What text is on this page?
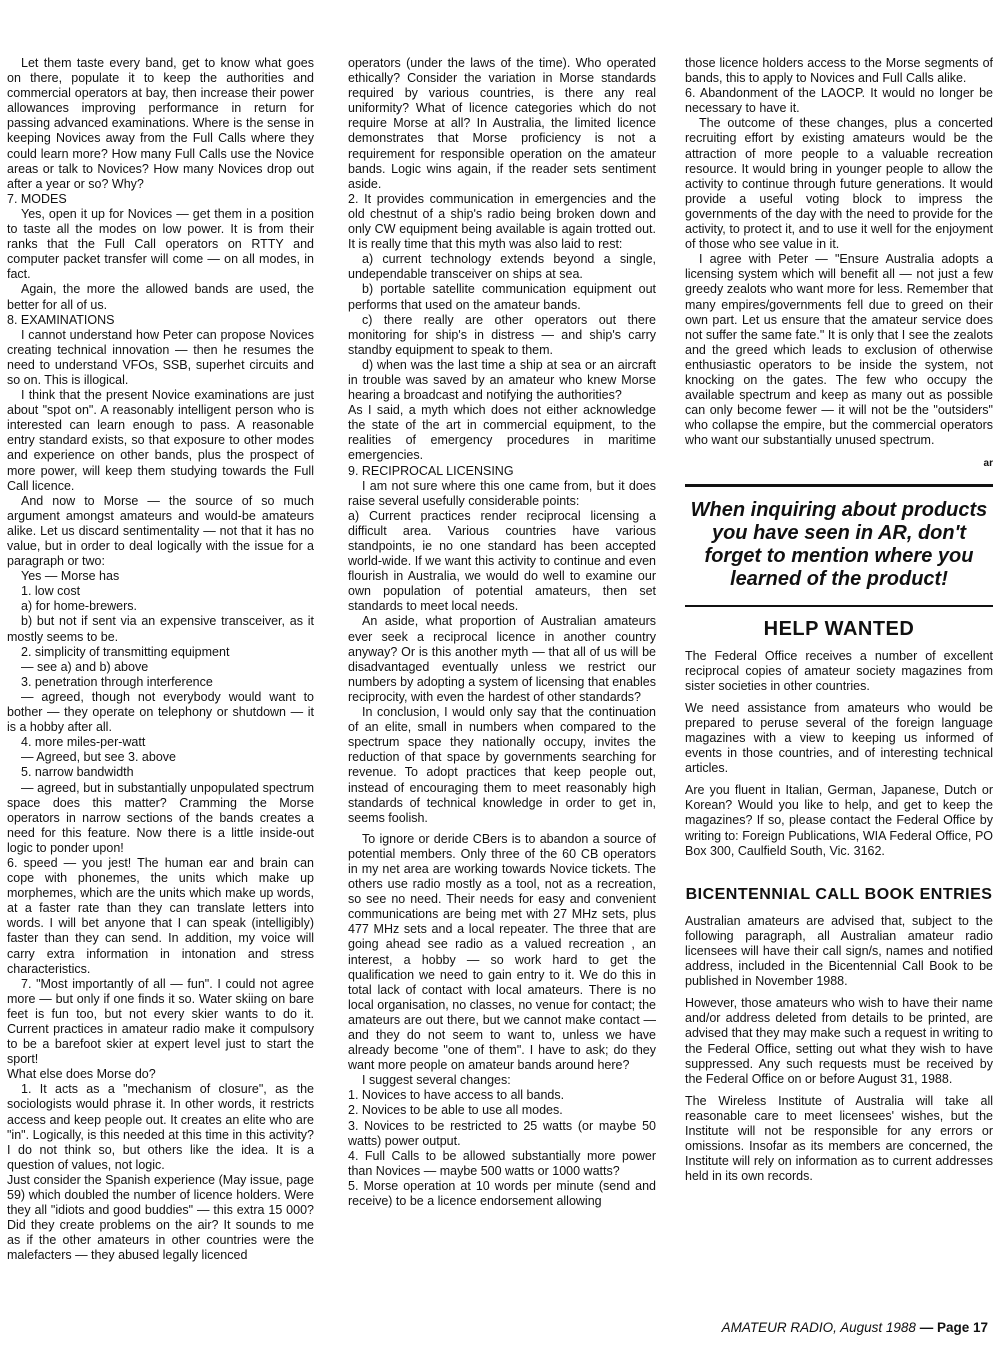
Let them taste every band, get to know what goes on there, populate it to keep the authorities and commercial operators at bay, then increase their power allowances improving performance in return for passing advanced examinations. Where is the sense in keeping Novices away from the Full Calls where they could learn more? How many Full Calls use the Novice areas or talk to Novices? How many Novices drop out after a year or so? Why?

7. MODES

Yes, open it up for Novices — get them in a position to taste all the modes on low power. It is from their ranks that the Full Call operators on RTTY and computer packet transfer will come — on all modes, in fact.

Again, the more the allowed bands are used, the better for all of us.

8. EXAMINATIONS

I cannot understand how Peter can propose Novices creating technical innovation — then he resumes the need to understand VFOs, SSB, superhet circuits and so on. This is illogical.

I think that the present Novice examinations are just about "spot on". A reasonably intelligent person who is interested can learn enough to pass. A reasonable entry standard exists, so that exposure to other modes and experience on other bands, plus the prospect of more power, will keep them studying towards the Full Call licence.

And now to Morse — the source of so much argument amongst amateurs and would-be amateurs alike. Let us discard sentimentality — not that it has no value, but in order to deal logically with the issue for a paragraph or two:

Yes — Morse has

1. low cost

a) for home-brewers.

b) but not if sent via an expensive transceiver, as it mostly seems to be.

2. simplicity of transmitting equipment

— see a) and b) above

3. penetration through interference

— agreed, though not everybody would want to bother — they operate on telephony or shutdown — it is a hobby after all.

4. more miles-per-watt

— Agreed, but see 3. above

5. narrow bandwidth

— agreed, but in substantially unpopulated spectrum space does this matter? Cramming the Morse operators in narrow sections of the bands creates a need for this feature. Now there is a little inside-out logic to ponder upon!

6. speed — you jest! The human ear and brain can cope with phonemes, the units which make up morphemes, which are the units which make up words, at a faster rate than they can translate letters into words. I will bet anyone that I can speak (intelligibly) faster than they can send. In addition, my voice will carry extra information in intonation and stress characteristics.

7. "Most importantly of all — fun". I could not agree more — but only if one finds it so. Water skiing on bare feet is fun too, but not every skier wants to do it. Current practices in amateur radio make it compulsory to be a barefoot skier at expert level just to start the sport!

What else does Morse do?

1. It acts as a "mechanism of closure", as the sociologists would phrase it. In other words, it restricts access and keep people out. It creates an elite who are "in". Logically, is this needed at this time in this activity? I do not think so, but others like the idea. It is a question of values, not logic.

Just consider the Spanish experience (May issue, page 59) which doubled the number of licence holders. Were they all "idiots and good buddies" — this extra 15 000? Did they create problems on the air? It sounds to me as if the other amateurs in other countries were the malefacters — they abused legally licenced

operators (under the laws of the time). Who operated ethically? Consider the variation in Morse standards required by various countries, is there any real uniformity? What of licence categories which do not require Morse at all? In Australia, the limited licence demonstrates that Morse proficiency is not a requirement for responsible operation on the amateur bands. Logic wins again, if the reader sets sentiment aside.

2. It provides communication in emergencies and the old chestnut of a ship's radio being broken down and only CW equipment being available is again trotted out. It is really time that this myth was also laid to rest:

a) current technology extends beyond a single, undependable transceiver on ships at sea.

b) portable satellite communication equipment out performs that used on the amateur bands.

c) there really are other operators out there monitoring for ship's in distress — and ship's carry standby equipment to speak to them.

d) when was the last time a ship at sea or an aircraft in trouble was saved by an amateur who knew Morse hearing a broadcast and notifying the authorities?

As I said, a myth which does not either acknowledge the state of the art in commercial equipment, to the realities of emergency procedures in maritime emergencies.

9. RECIPROCAL LICENSING

I am not sure where this one came from, but it does raise several usefully considerable points:

a) Current practices render reciprocal licensing a difficult area. Various countries have various standpoints, ie no one standard has been accepted world-wide. If we want this activity to continue and even flourish in Australia, we would do well to examine our own population of potential amateurs, then set standards to meet local needs.

An aside, what proportion of Australian amateurs ever seek a reciprocal licence in another country anyway? Or is this another myth — that all of us will be disadvantaged eventually unless we restrict our numbers by adopting a system of licensing that enables reciprocity, with even the hardest of other standards?

In conclusion, I would only say that the continuation of an elite, small in numbers when compared to the spectrum space they nationally occupy, invites the reduction of that space by governments searching for revenue. To adopt practices that keep people out, instead of encouraging them to meet reasonably high standards of technical knowledge in order to get in, seems foolish.

To ignore or deride CBers is to abandon a source of potential members. Only three of the 60 CB operators in my net area are working towards Novice tickets. The others use radio mostly as a tool, not as a recreation, so see no need. Their needs for easy and convenient communications are being met with 27 MHz sets, plus 477 MHz sets and a local repeater. The three that are going ahead see radio as a valued recreation , an interest, a hobby — so work hard to get the qualification we need to gain entry to it. We do this in total lack of contact with local amateurs. There is no local organisation, no classes, no venue for contact; the amateurs are out there, but we cannot make contact — and they do not seem to want to, unless we have already become "one of them". I have to ask; do they want more people on amateur bands around here?

I suggest several changes:

1. Novices to have access to all bands.

2. Novices to be able to use all modes.

3. Novices to be restricted to 25 watts (or maybe 50 watts) power output.

4. Full Calls to be allowed substantially more power than Novices — maybe 500 watts or 1000 watts?

5. Morse operation at 10 words per minute (send and receive) to be a licence endorsement allowing

those licence holders access to the Morse segments of bands, this to apply to Novices and Full Calls alike.

6. Abandonment of the LAOCP. It would no longer be necessary to have it.

The outcome of these changes, plus a concerted recruiting effort by existing amateurs would be the attraction of more people to a valuable recreation resource. It would bring in younger people to allow the activity to continue through future generations. It would provide a useful voting block to impress the governments of the day with the need to provide for the activity, to protect it, and to use it well for the enjoyment of those who see value in it.

I agree with Peter — "Ensure Australia adopts a licensing system which will benefit all — not just a few greedy zealots who want more for less. Remember that many empires/governments fell due to greed on their own part. Let us ensure that the amateur service does not suffer the same fate." It is only that I see the zealots and the greed which leads to exclusion of otherwise enthusiastic operators to be inside the system, not knocking on the gates. The few who occupy the available spectrum and keep as many out as possible can only become fewer — it will not be the "outsiders" who collapse the empire, but the commercial operators who want our substantially unused spectrum.

ar
When inquiring about products you have seen in AR, don't forget to mention where you learned of the product!
HELP WANTED

The Federal Office receives a number of excellent reciprocal copies of amateur society magazines from sister societies in other countries.

We need assistance from amateurs who would be prepared to peruse several of the foreign language magazines with a view to keeping us informed of events in those countries, and of interesting technical articles.

Are you fluent in Italian, German, Japanese, Dutch or Korean? Would you like to help, and get to keep the magazines? If so, please contact the Federal Office by writing to: Foreign Publications, WIA Federal Office, PO Box 300, Caulfield South, Vic. 3162.

BICENTENNIAL CALL BOOK ENTRIES

Australian amateurs are advised that, subject to the following paragraph, all Australian amateur radio licensees will have their call sign/s, names and notified address, included in the Bicentennial Call Book to be published in November 1988.

However, those amateurs who wish to have their name and/or address deleted from details to be printed, are advised that they may make such a request in writing to the Federal Office, setting out what they wish to have suppressed. Any such requests must be received by the Federal Office on or before August 31, 1988.

The Wireless Institute of Australia will take all reasonable care to meet licensees' wishes, but the Institute will not be responsible for any errors or omissions. Insofar as its members are concerned, the Institute will rely on information as to current addresses held in its own records.

AMATEUR RADIO, August 1988 — Page 17
